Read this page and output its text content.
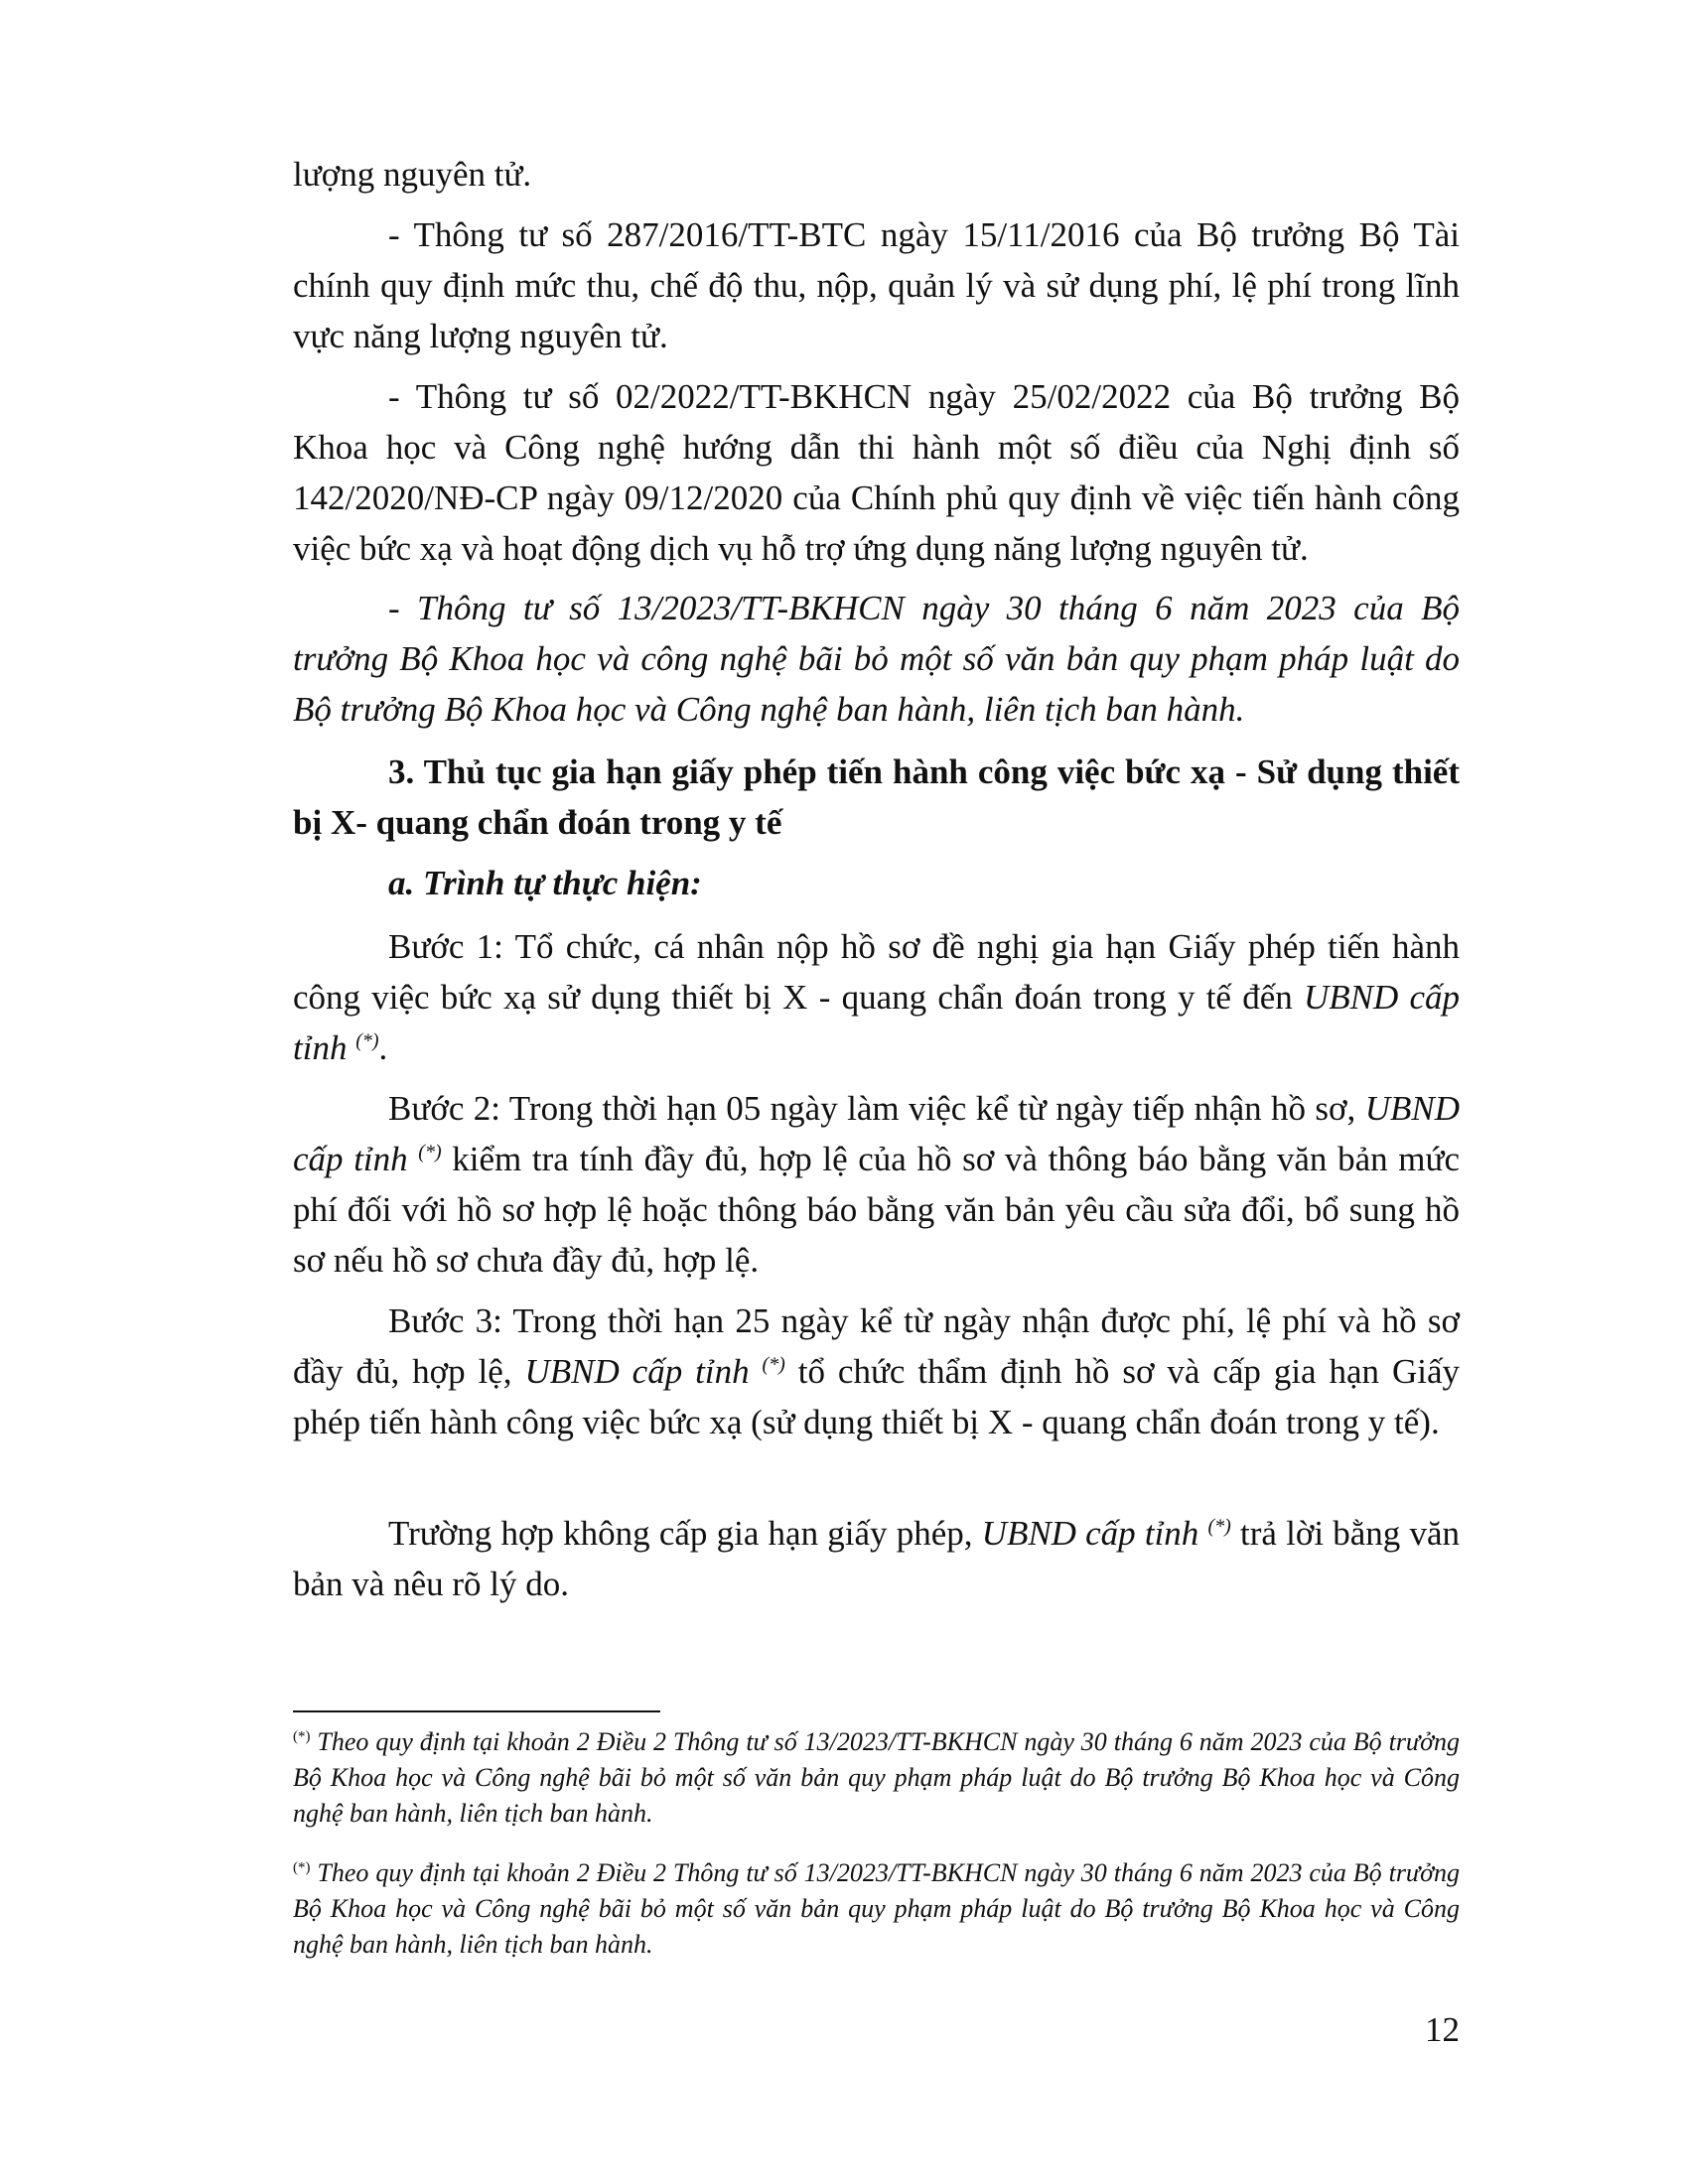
lượng nguyên tử.

- Thông tư số 287/2016/TT-BTC ngày 15/11/2016 của Bộ trưởng Bộ Tài chính quy định mức thu, chế độ thu, nộp, quản lý và sử dụng phí, lệ phí trong lĩnh vực năng lượng nguyên tử.

- Thông tư số 02/2022/TT-BKHCN ngày 25/02/2022 của Bộ trưởng Bộ Khoa học và Công nghệ hướng dẫn thi hành một số điều của Nghị định số 142/2020/NĐ-CP ngày 09/12/2020 của Chính phủ quy định về việc tiến hành công việc bức xạ và hoạt động dịch vụ hỗ trợ ứng dụng năng lượng nguyên tử.

- Thông tư số 13/2023/TT-BKHCN ngày 30 tháng 6 năm 2023 của Bộ trưởng Bộ Khoa học và công nghệ bãi bỏ một số văn bản quy phạm pháp luật do Bộ trưởng Bộ Khoa học và Công nghệ ban hành, liên tịch ban hành.

3. Thủ tục gia hạn giấy phép tiến hành công việc bức xạ - Sử dụng thiết bị X- quang chẩn đoán trong y tế

a. Trình tự thực hiện:

Bước 1: Tổ chức, cá nhân nộp hồ sơ đề nghị gia hạn Giấy phép tiến hành công việc bức xạ sử dụng thiết bị X - quang chẩn đoán trong y tế đến UBND cấp tỉnh (*).

Bước 2: Trong thời hạn 05 ngày làm việc kể từ ngày tiếp nhận hồ sơ, UBND cấp tỉnh (*) kiểm tra tính đầy đủ, hợp lệ của hồ sơ và thông báo bằng văn bản mức phí đối với hồ sơ hợp lệ hoặc thông báo bằng văn bản yêu cầu sửa đổi, bổ sung hồ sơ nếu hồ sơ chưa đầy đủ, hợp lệ.

Bước 3: Trong thời hạn 25 ngày kể từ ngày nhận được phí, lệ phí và hồ sơ đầy đủ, hợp lệ, UBND cấp tỉnh (*) tổ chức thẩm định hồ sơ và cấp gia hạn Giấy phép tiến hành công việc bức xạ (sử dụng thiết bị X - quang chẩn đoán trong y tế).

Trường hợp không cấp gia hạn giấy phép, UBND cấp tỉnh (*) trả lời bằng văn bản và nêu rõ lý do.

(*) Theo quy định tại khoản 2 Điều 2 Thông tư số 13/2023/TT-BKHCN ngày 30 tháng 6 năm 2023 của Bộ trưởng Bộ Khoa học và Công nghệ bãi bỏ một số văn bản quy phạm pháp luật do Bộ trưởng Bộ Khoa học và Công nghệ ban hành, liên tịch ban hành.

(*) Theo quy định tại khoản 2 Điều 2 Thông tư số 13/2023/TT-BKHCN ngày 30 tháng 6 năm 2023 của Bộ trưởng Bộ Khoa học và Công nghệ bãi bỏ một số văn bản quy phạm pháp luật do Bộ trưởng Bộ Khoa học và Công nghệ ban hành, liên tịch ban hành.

12
